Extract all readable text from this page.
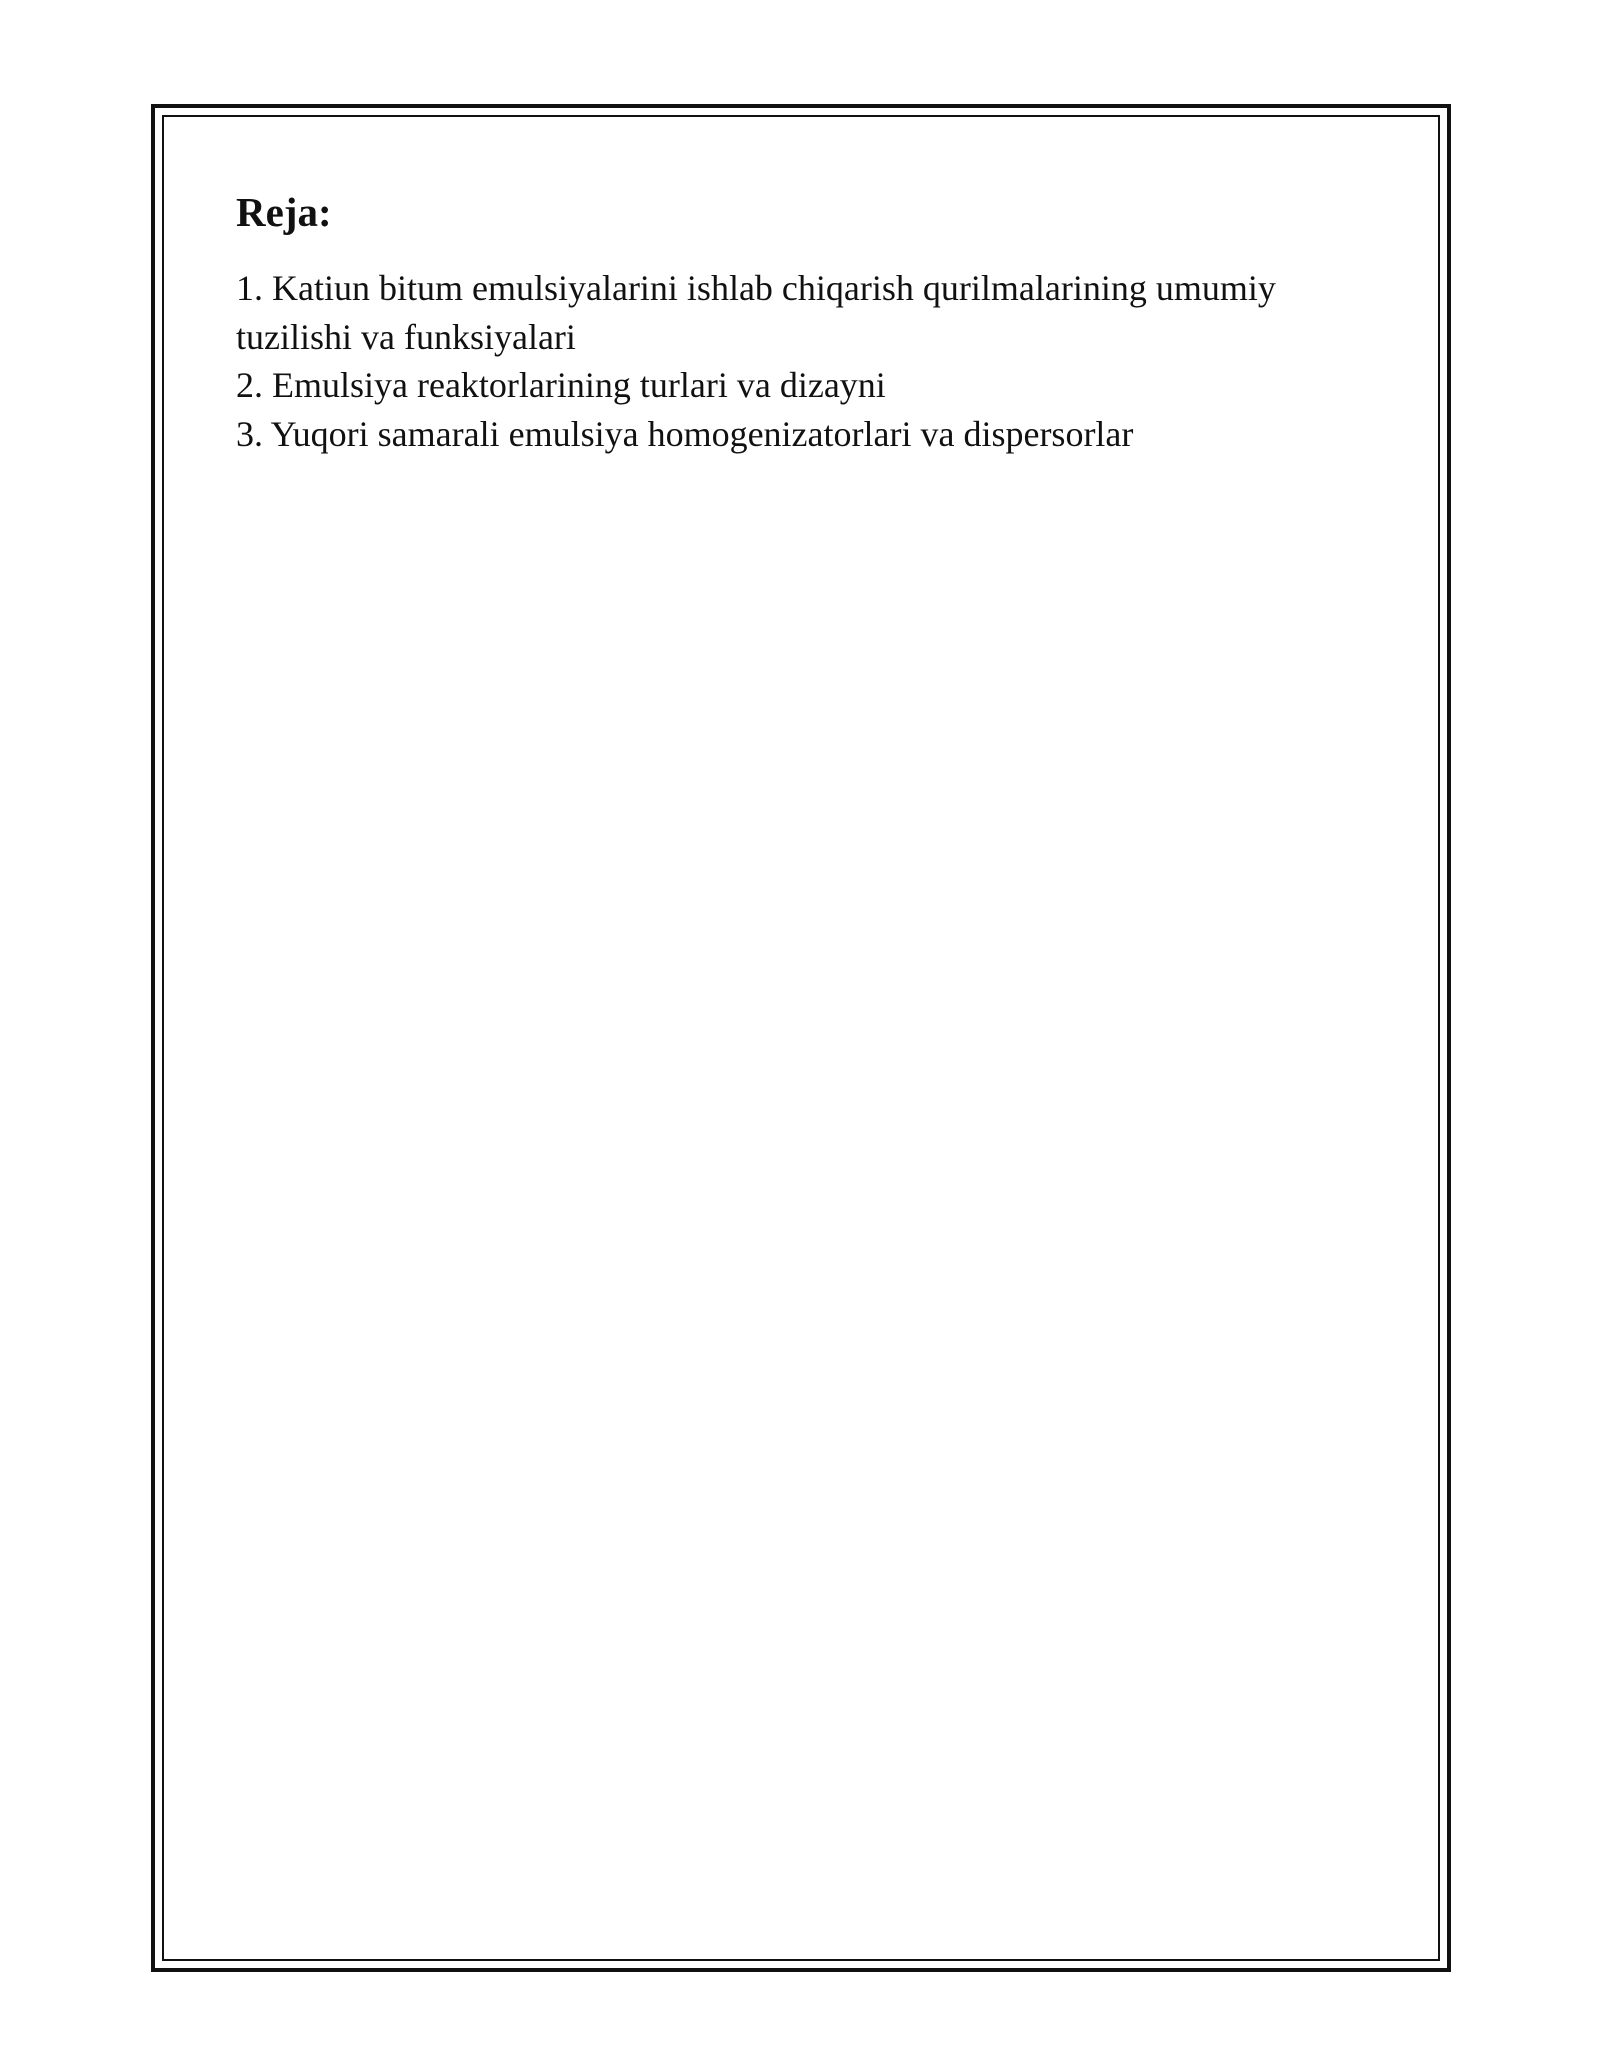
Reja:
1. Katiun bitum emulsiyalarini ishlab chiqarish qurilmalarining umumiy tuzilishi va funksiyalari
2. Emulsiya reaktorlarining turlari va dizayni
3. Yuqori samarali emulsiya homogenizatorlari va dispersorlar
